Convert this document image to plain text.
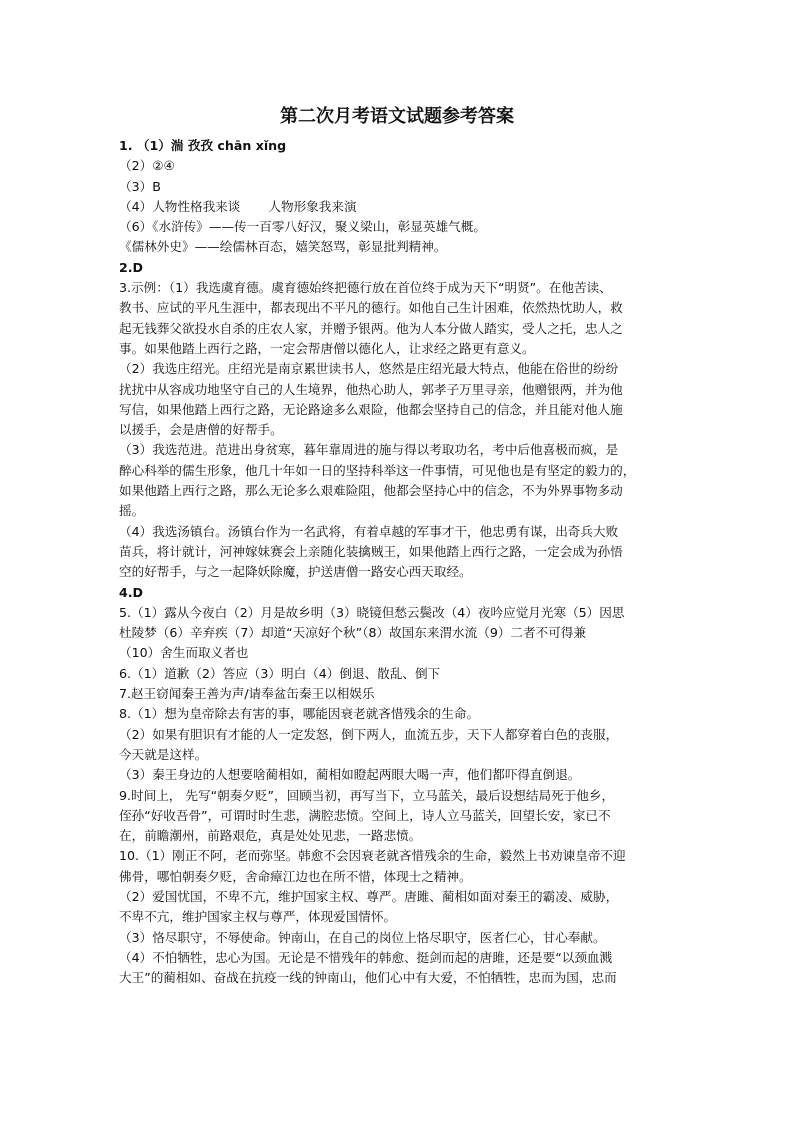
第二次月考语文试题参考答案

1. （1）湍 孜孜 chān xǐng

（2）②④

（3）B

（4）人物性格我来谈       人物形象我来演

（6）《水浒传》——传一百零八好汉，聚义梁山，彰显英雄气概。

《儒林外史》——绘儒林百态，嬉笑怒骂，彰显批判精神。

2.D

3.示例：（1）我选虞育德。虞育德始终把德行放在首位终于成为天下“明贤”。在他苦读、

教书、应试的平凡生涯中，都表现出不平凡的德行。如他自己生计困难，依然热忱助人，救

起无钱葬父欲投水自杀的庄农人家，并赠予银两。他为人本分做人踏实，受人之托，忠人之

事。如果他踏上西行之路，一定会帮唐僧以德化人，让求经之路更有意义。

（2）我选庄绍光。庄绍光是南京累世读书人，悠然是庄绍光最大特点，他能在俗世的纷纷

扰扰中从容成功地坚守自己的人生境界，他热心助人，郭孝子万里寻亲，他赠银两，并为他

写信，如果他踏上西行之路，无论路途多么艰险，他都会坚持自己的信念，并且能对他人施

以援手，会是唐僧的好帮手。

（3）我选范进。范进出身贫寒，暮年靠周进的施与得以考取功名，考中后他喜极而疯，是

醉心科举的儒生形象，他几十年如一日的坚持科举这一件事情，可见他也是有坚定的毅力的，

如果他踏上西行之路，那么无论多么艰难险阻，他都会坚持心中的信念，不为外界事物多动

摇。

（4）我选汤镇台。汤镇台作为一名武将，有着卓越的军事才干，他忠勇有谋，出奇兵大败

苗兵，将计就计，河神嫁妹赛会上亲随化装擒贼王，如果他踏上西行之路，一定会成为孙悟

空的好帮手，与之一起降妖除魔，护送唐僧一路安心西天取经。

4.D

5.（1）露从今夜白（2）月是故乡明（3）晓镜但愁云鬓改（4）夜吟应觉月光寒（5）因思

杜陵梦（6）辛弃疾（7）却道“天凉好个秋”（8）故国东来渭水流（9）二者不可得兼

（10）舍生而取义者也

6.（1）道歉（2）答应（3）明白（4）倒退、散乱、倒下

7.赵王窃闻秦王善为声/请奉盆缶秦王以相娱乐

8.（1）想为皇帝除去有害的事，哪能因衰老就吝惜残余的生命。

（2）如果有胆识有才能的人一定发怒，倒下两人，血流五步，天下人都穿着白色的丧服，

今天就是这样。

（3）秦王身边的人想要啥蔺相如，蔺相如瞪起两眼大喝一声，他们都吓得直倒退。

9.时间上， 先写“朝奏夕贬”，回顾当初，再写当下，立马蓝关，最后设想结局死于他乡，

侄孙“好收吾骨”，可谓时时生悲，满腔悲愤。空间上，诗人立马蓝关，回望长安，家已不

在，前瞻潮州，前路艰危，真是处处见悲，一路悲愤。

10.（1）刚正不阿，老而弥坚。韩愈不会因衰老就吝惜残余的生命，毅然上书劝谏皇帝不迎

佛骨，哪怕朝奏夕贬，舍命瘴江边也在所不惜，体现士之精神。

（2）爱国忧国，不卑不亢，维护国家主权、尊严。唐雎、蔺相如面对秦王的霸凌、威胁，

不卑不亢，维护国家主权与尊严，体现爱国情怀。

（3）恪尽职守，不辱使命。钟南山，在自己的岗位上恪尽职守，医者仁心，甘心奉献。

（4）不怕牺牲，忠心为国。无论是不惜残年的韩愈、挺剑而起的唐雎，还是要“以颈血溅

大王”的蔺相如、奋战在抗疫一线的钟南山，他们心中有大爱，不怕牺牲，忠而为国，忠而
